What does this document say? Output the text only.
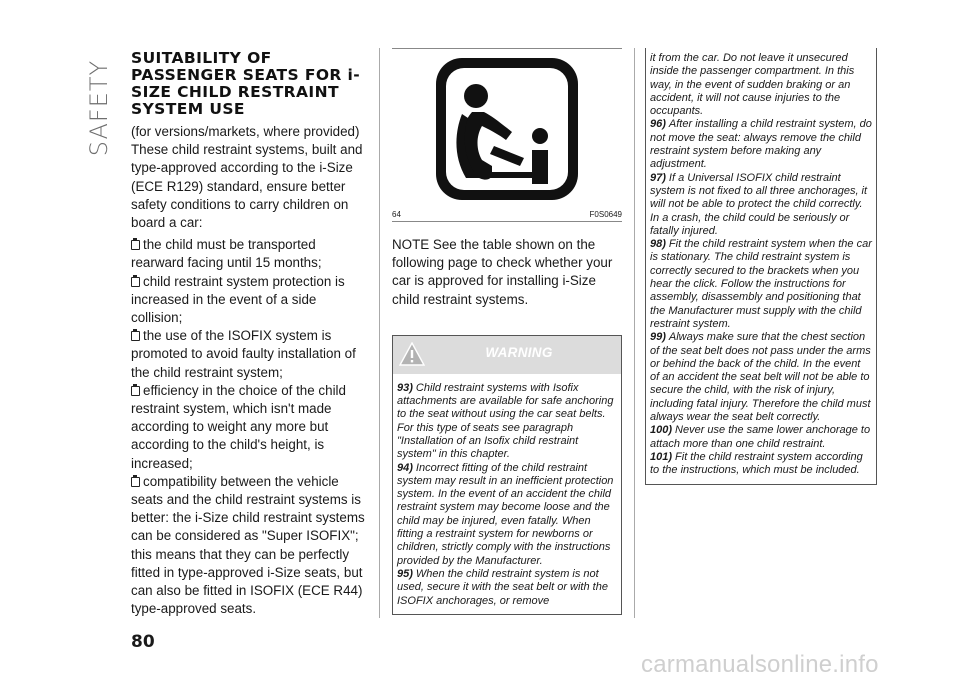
SAFETY
SUITABILITY OF PASSENGER SEATS FOR i-SIZE CHILD RESTRAINT SYSTEM USE

(for versions/markets, where provided) These child restraint systems, built and type-approved according to the i-Size (ECE R129) standard, ensure better safety conditions to carry children on board a car:

the child must be transported rearward facing until 15 months;
child restraint system protection is increased in the event of a side collision;
the use of the ISOFIX system is promoted to avoid faulty installation of the child restraint system;
efficiency in the choice of the child restraint system, which isn't made according to weight any more but according to the child's height, is increased;
compatibility between the vehicle seats and the child restraint systems is better: the i-Size child restraint systems can be considered as "Super ISOFIX"; this means that they can be perfectly fitted in type-approved i-Size seats, but can also be fitted in ISOFIX (ECE R44) type-approved seats.
64	F0S0649

NOTE See the table shown on the following page to check whether your car is approved for installing i-Size child restraint systems.

WARNING

93) Child restraint systems with Isofix attachments are available for safe anchoring to the seat without using the car seat belts. For this type of seats see paragraph "Installation of an Isofix child restraint system" in this chapter.

94) Incorrect fitting of the child restraint system may result in an inefficient protection system. In the event of an accident the child restraint system may become loose and the child may be injured, even fatally. When fitting a restraint system for newborns or children, strictly comply with the instructions provided by the Manufacturer.

95) When the child restraint system is not used, secure it with the seat belt or with the ISOFIX anchorages, or remove

it from the car. Do not leave it unsecured inside the passenger compartment. In this way, in the event of sudden braking or an accident, it will not cause injuries to the occupants.

96) After installing a child restraint system, do not move the seat: always remove the child restraint system before making any adjustment.

97) If a Universal ISOFIX child restraint system is not fixed to all three anchorages, it will not be able to protect the child correctly. In a crash, the child could be seriously or fatally injured.

98) Fit the child restraint system when the car is stationary. The child restraint system is correctly secured to the brackets when you hear the click. Follow the instructions for assembly, disassembly and positioning that the Manufacturer must supply with the child restraint system.

99) Always make sure that the chest section of the seat belt does not pass under the arms or behind the back of the child. In the event of an accident the seat belt will not be able to secure the child, with the risk of injury, including fatal injury. Therefore the child must always wear the seat belt correctly.

100) Never use the same lower anchorage to attach more than one child restraint.

101) Fit the child restraint system according to the instructions, which must be included.

80
carmanualsonline.info
